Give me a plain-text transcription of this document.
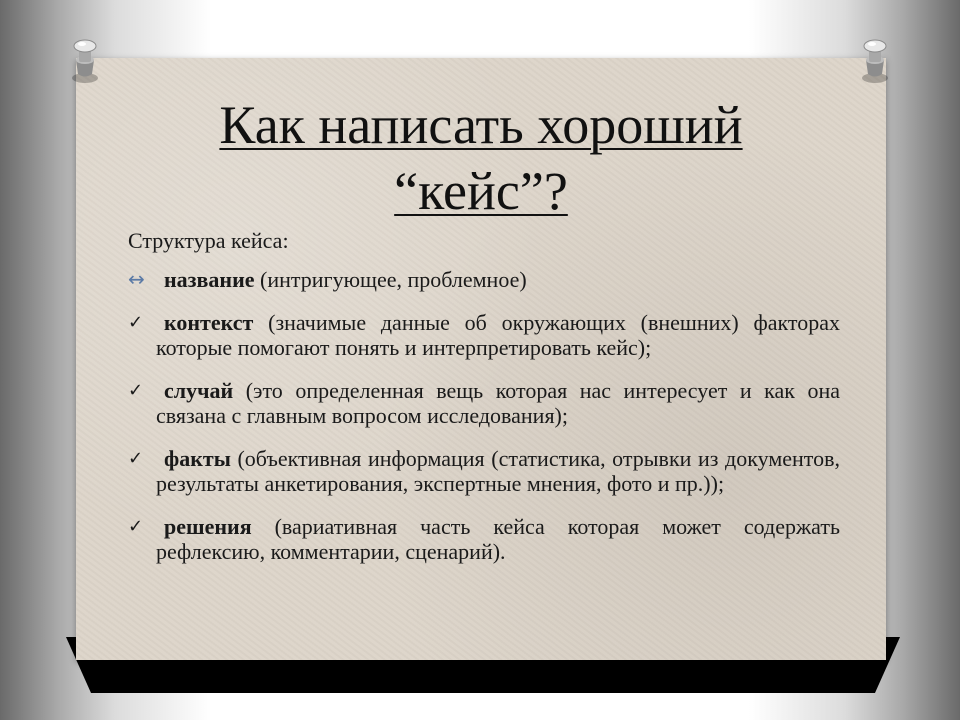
Как написать хороший
“кейс”?

Структура кейса:

↔ название (интригующее, проблемное)
✓ контекст (значимые данные об окружающих (внешних) факторах которые помогают понять и интерпретировать кейс);
✓ случай (это определенная вещь которая нас интересует и как она связана с главным вопросом исследования);
✓ факты (объективная информация (статистика, отрывки из документов, результаты анкетирования, экспертные мнения, фото и пр.));
✓ решения (вариативная часть кейса которая может содержать рефлексию, комментарии, сценарий).
